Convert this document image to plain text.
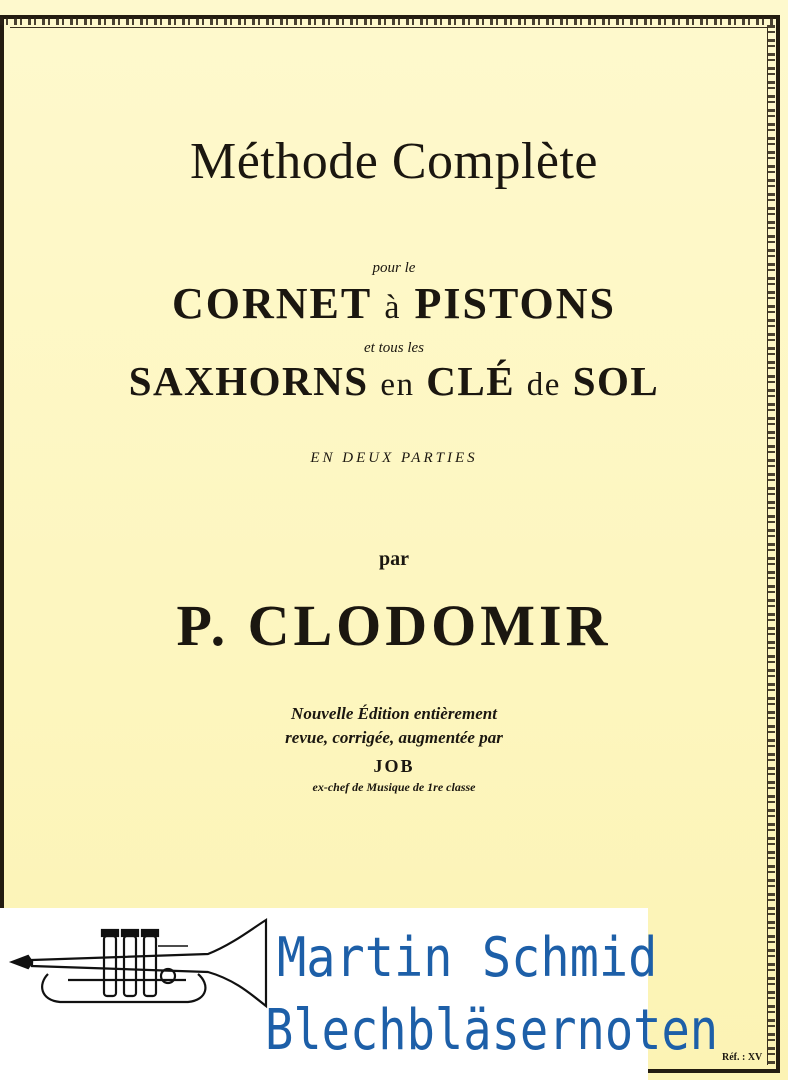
Méthode Complète

pour le

CORNET à PISTONS

et tous les

SAXHORNS en CLÉ de SOL

EN DEUX PARTIES

par

P. CLODOMIR

Nouvelle Édition entièrement

revue, corrigée, augmentée par

JOB

ex-chef de Musique de 1re classe

Réf. : XV
Martin Schmid
Blechbläsernoten
